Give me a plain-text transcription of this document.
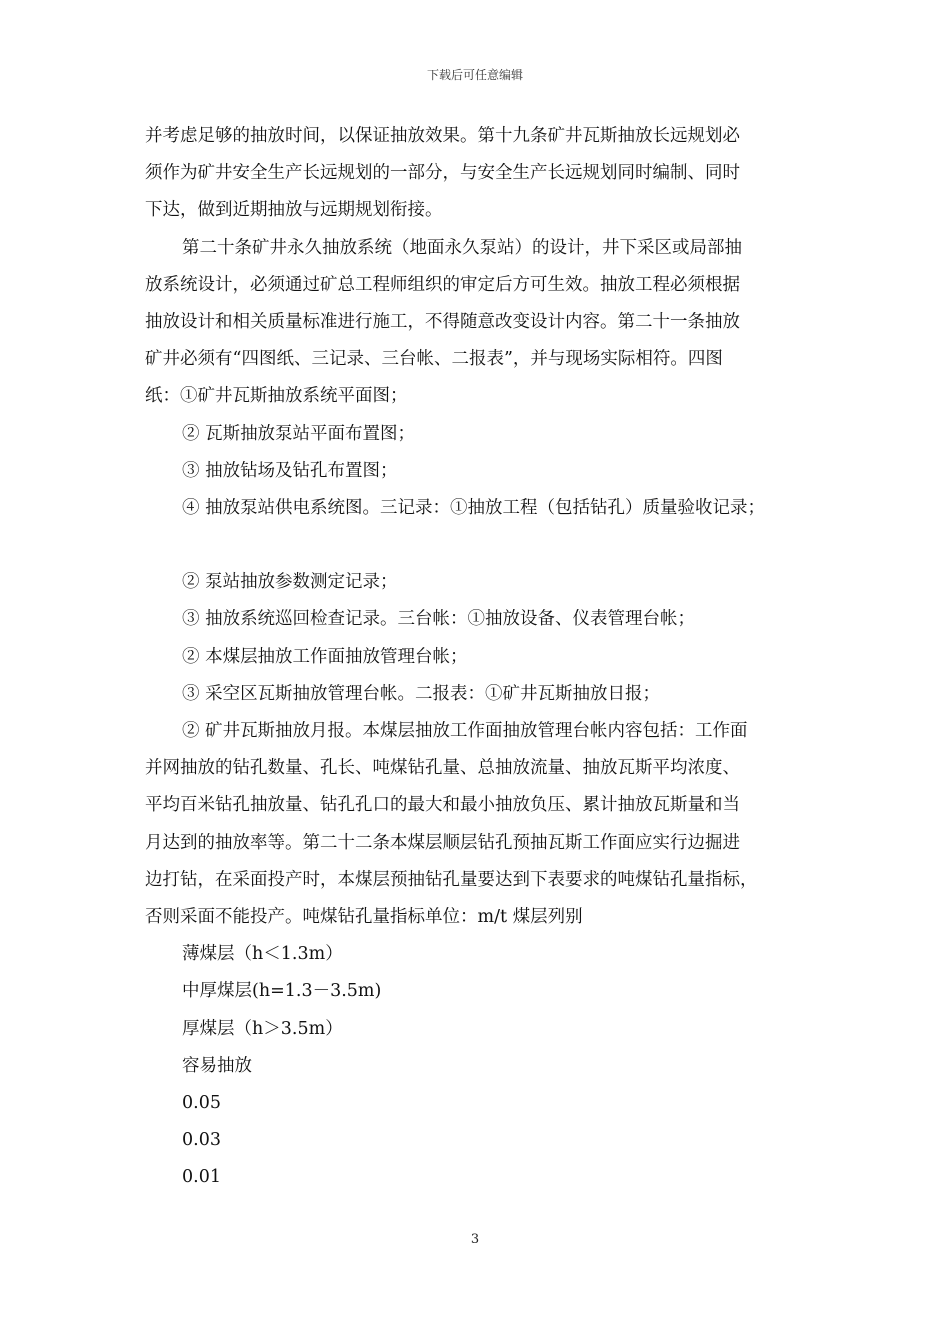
下载后可任意编辑

并考虑足够的抽放时间，以保证抽放效果。第十九条矿井瓦斯抽放长远规划必

须作为矿井安全生产长远规划的一部分，与安全生产长远规划同时编制、同时

下达，做到近期抽放与远期规划衔接。

第二十条矿井永久抽放系统（地面永久泵站）的设计，井下采区或局部抽

放系统设计，必须通过矿总工程师组织的审定后方可生效。抽放工程必须根据

抽放设计和相关质量标准进行施工，不得随意改变设计内容。第二十一条抽放

矿井必须有“四图纸、三记录、三台帐、二报表”，并与现场实际相符。四图

纸：①矿井瓦斯抽放系统平面图；

② 瓦斯抽放泵站平面布置图；

③ 抽放钻场及钻孔布置图；

④ 抽放泵站供电系统图。三记录：①抽放工程（包括钻孔）质量验收记录；

② 泵站抽放参数测定记录；

③ 抽放系统巡回检查记录。三台帐：①抽放设备、仪表管理台帐；

② 本煤层抽放工作面抽放管理台帐；

③ 采空区瓦斯抽放管理台帐。二报表：①矿井瓦斯抽放日报；

② 矿井瓦斯抽放月报。本煤层抽放工作面抽放管理台帐内容包括：工作面

并网抽放的钻孔数量、孔长、吨煤钻孔量、总抽放流量、抽放瓦斯平均浓度、

平均百米钻孔抽放量、钻孔孔口的最大和最小抽放负压、累计抽放瓦斯量和当

月达到的抽放率等。第二十二条本煤层顺层钻孔预抽瓦斯工作面应实行边掘进

边打钻，在采面投产时，本煤层预抽钻孔量要达到下表要求的吨煤钻孔量指标，

否则采面不能投产。吨煤钻孔量指标单位：m/t 煤层列别

薄煤层（h＜1.3m）

中厚煤层(h=1.3－3.5m)

厚煤层（h＞3.5m）

容易抽放

0.05

0.03

0.01

3
